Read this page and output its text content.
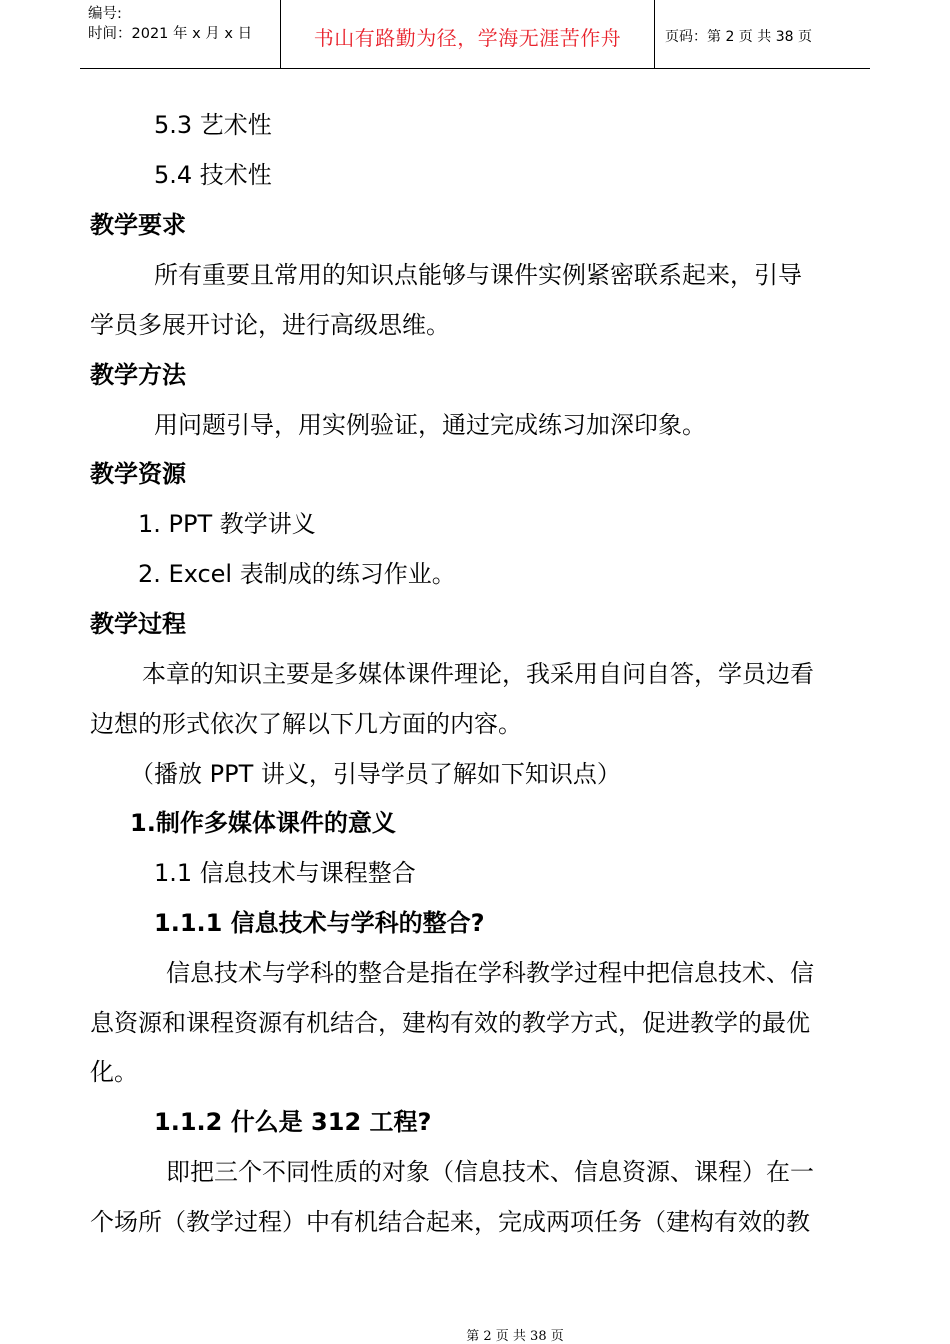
编号:
时间：2021 年 x 月 x 日	书山有路勤为径，学海无涯苦作舟	页码：第 2 页 共 38 页
5.3 艺术性
5.4 技术性
教学要求
所有重要且常用的知识点能够与课件实例紧密联系起来，引导
学员多展开讨论，进行高级思维。
教学方法
用问题引导，用实例验证，通过完成练习加深印象。
教学资源
1. PPT 教学讲义
2. Excel 表制成的练习作业。
教学过程
本章的知识主要是多媒体课件理论，我采用自问自答，学员边看
边想的形式依次了解以下几方面的内容。
（播放 PPT 讲义，引导学员了解如下知识点）
1.制作多媒体课件的意义
1.1 信息技术与课程整合
1.1.1 信息技术与学科的整合?
信息技术与学科的整合是指在学科教学过程中把信息技术、信
息资源和课程资源有机结合，建构有效的教学方式，促进教学的最优
化。
1.1.2 什么是 312 工程?
即把三个不同性质的对象（信息技术、信息资源、课程）在一
个场所（教学过程）中有机结合起来，完成两项任务（建构有效的教
第 2 页 共 38 页
